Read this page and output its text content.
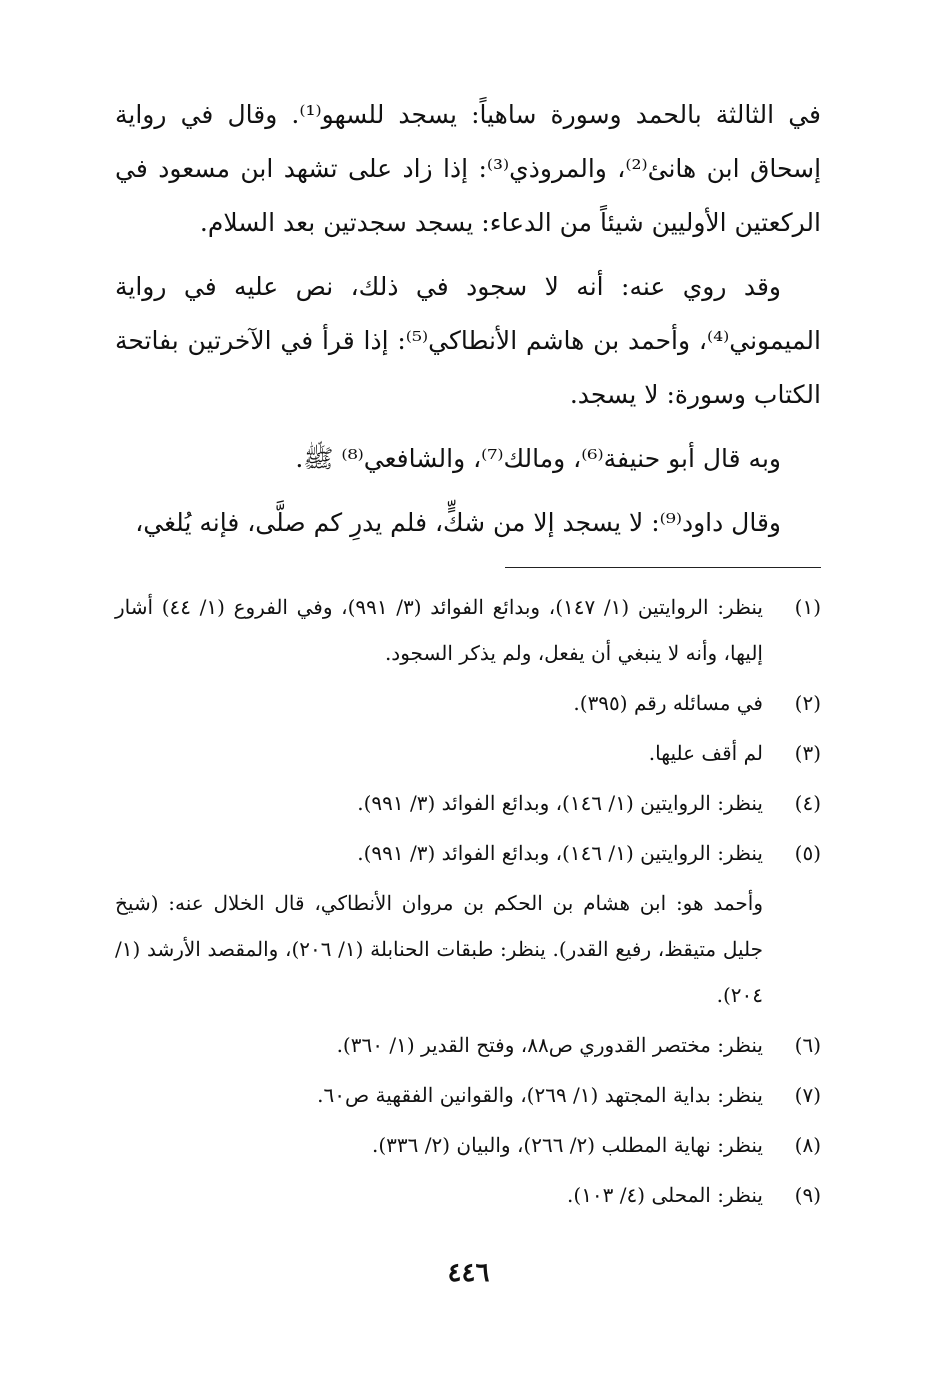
في الثالثة بالحمد وسورة ساهياً: يسجد للسهو⁽¹⁾. وقال في رواية إسحاق ابن هانئ⁽²⁾، والمروذي⁽³⁾: إذا زاد على تشهد ابن مسعود في الركعتين الأوليين شيئاً من الدعاء: يسجد سجدتين بعد السلام.

وقد روي عنه: أنه لا سجود في ذلك، نص عليه في رواية الميموني⁽⁴⁾، وأحمد بن هاشم الأنطاكي⁽⁵⁾: إذا قرأ في الآخرتين بفاتحة الكتاب وسورة: لا يسجد.

وبه قال أبو حنيفة⁽⁶⁾، ومالك⁽⁷⁾، والشافعي⁽⁸⁾ ﷺ.

وقال داود⁽⁹⁾: لا يسجد إلا من شكٍّ، فلم يدرِ كم صلَّى، فإنه يُلغي،

(١)
ينظر: الروايتين (١/ ١٤٧)، وبدائع الفوائد (٣/ ٩٩١)، وفي الفروع (١/ ٤٤) أشار إليها، وأنه لا ينبغي أن يفعل، ولم يذكر السجود.
(٢)
في مسائله رقم (٣٩٥).
(٣)
لم أقف عليها.
(٤)
ينظر: الروايتين (١/ ١٤٦)، وبدائع الفوائد (٣/ ٩٩١).
(٥)
ينظر: الروايتين (١/ ١٤٦)، وبدائع الفوائد (٣/ ٩٩١).
وأحمد هو: ابن هشام بن الحكم بن مروان الأنطاكي، قال الخلال عنه: (شيخ جليل متيقظ، رفيع القدر). ينظر: طبقات الحنابلة (١/ ٢٠٦)، والمقصد الأرشد (١/ ٢٠٤).
(٦)
ينظر: مختصر القدوري ص٨٨، وفتح القدير (١/ ٣٦٠).
(٧)
ينظر: بداية المجتهد (١/ ٢٦٩)، والقوانين الفقهية ص٦٠.
(٨)
ينظر: نهاية المطلب (٢/ ٢٦٦)، والبيان (٢/ ٣٣٦).
(٩)
ينظر: المحلى (٤/ ١٠٣).
٤٤٦
